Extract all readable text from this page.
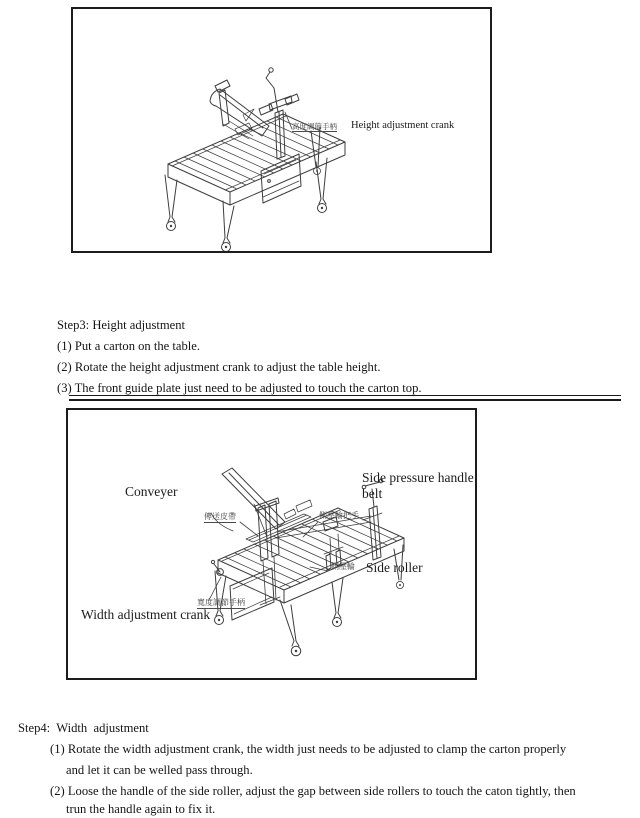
高度調節手柄 Height adjustment crank
Step3: Height adjustment
(1) Put a carton on the table.
(2) Rotate the height adjustment crank to adjust the table height.
(3) The front guide plate just need to be adjusted to touch the carton top.
Conveyer
Side pressure handle
belt
傳送皮帶	側壓輪把手
側壓輪 Side roller
寬度調節手柄
Width adjustment crank
Step4:  Width  adjustment
(1) Rotate the width adjustment crank, the width just needs to be adjusted to clamp the carton properly
and let it can be welled pass through.
(2) Loose the handle of the side roller, adjust the gap between side rollers to touch the caton tightly, then
trun the handle again to fix it.
